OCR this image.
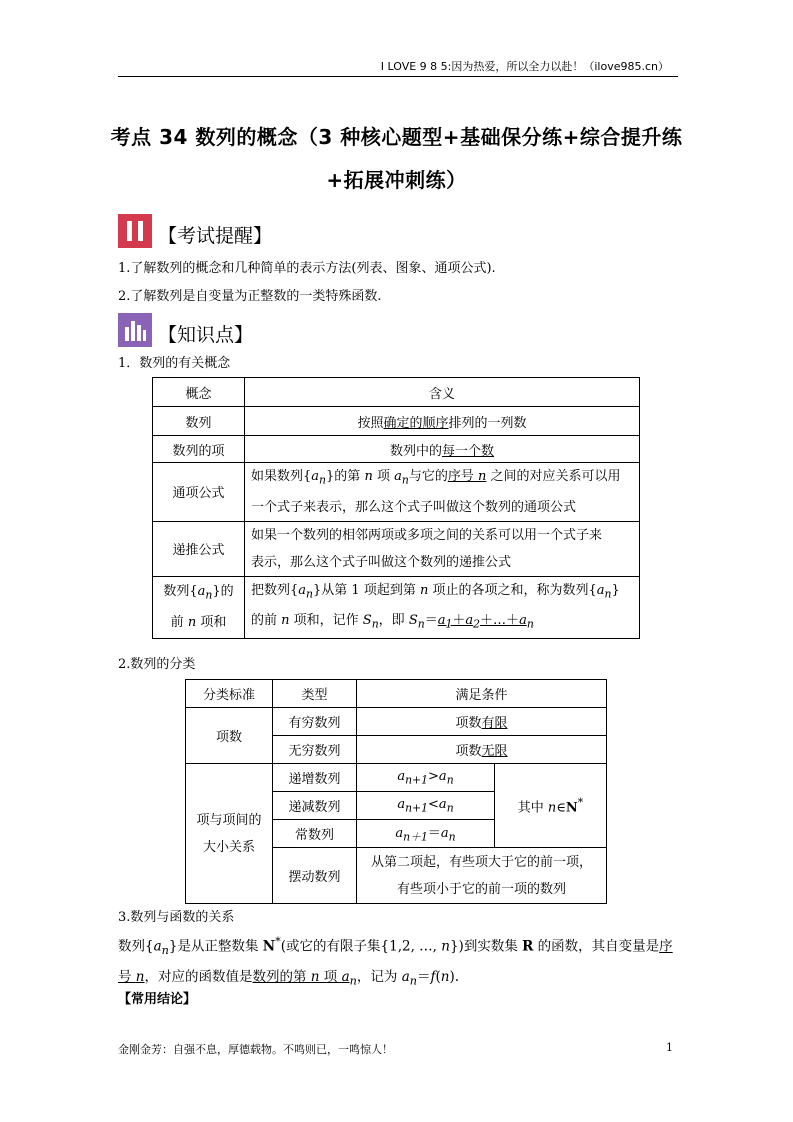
I LOVE 9 8 5:因为热爱，所以全力以赴！（ilove985.cn）
考点 34 数列的概念（3 种核心题型+基础保分练+综合提升练
+拓展冲刺练）
【考试提醒】
1.了解数列的概念和几种简单的表示方法(列表、图象、通项公式).
2.了解数列是自变量为正整数的一类特殊函数.
【知识点】
1．数列的有关概念
概念	含义
数列	按照确定的顺序排列的一列数
数列的项	数列中的每一个数
通项公式	如果数列$\{a_n\}$的第 n 项 $a_n$与它的序号 n 之间的对应关系可以用
一个式子来表示，那么这个式子叫做这个数列的通项公式
递推公式	如果一个数列的相邻两项或多项之间的关系可以用一个式子来
表示，那么这个式子叫做这个数列的递推公式
数列$\{a_n\}$的
前 n 项和	把数列$\{a_n\}$从第 1 项起到第 n 项止的各项之和，称为数列$\{a_n\}$
的前 n 项和，记作 $S_n$，即 $S_n=a_1+a_2+\dots+a_n$
2.数列的分类
分类标准	类型	满足条件	
项数	有穷数列	项数有限	
	无穷数列	项数无限	
项与项间的
大小关系	递增数列	$a_{n+1}>a_n$	其中 n∈N*
	递减数列	$a_{n+1}<a_n$
	常数列	$a_{n+1}=a_n$
	摆动数列	从第二项起，有些项大于它的前一项，
有些项小于它的前一项的数列	
3.数列与函数的关系
数列$\{a_n\}$是从正整数集 N*(或它的有限子集{1,2, …, n})到实数集 R 的函数，其自变量是序
号 n，对应的函数值是数列的第 n 项 $a_n$，记为 $a_n=f(n)$.
【常用结论】
金刚金芳：自强不息，厚德载物。不鸣则已，一鸣惊人！	1
